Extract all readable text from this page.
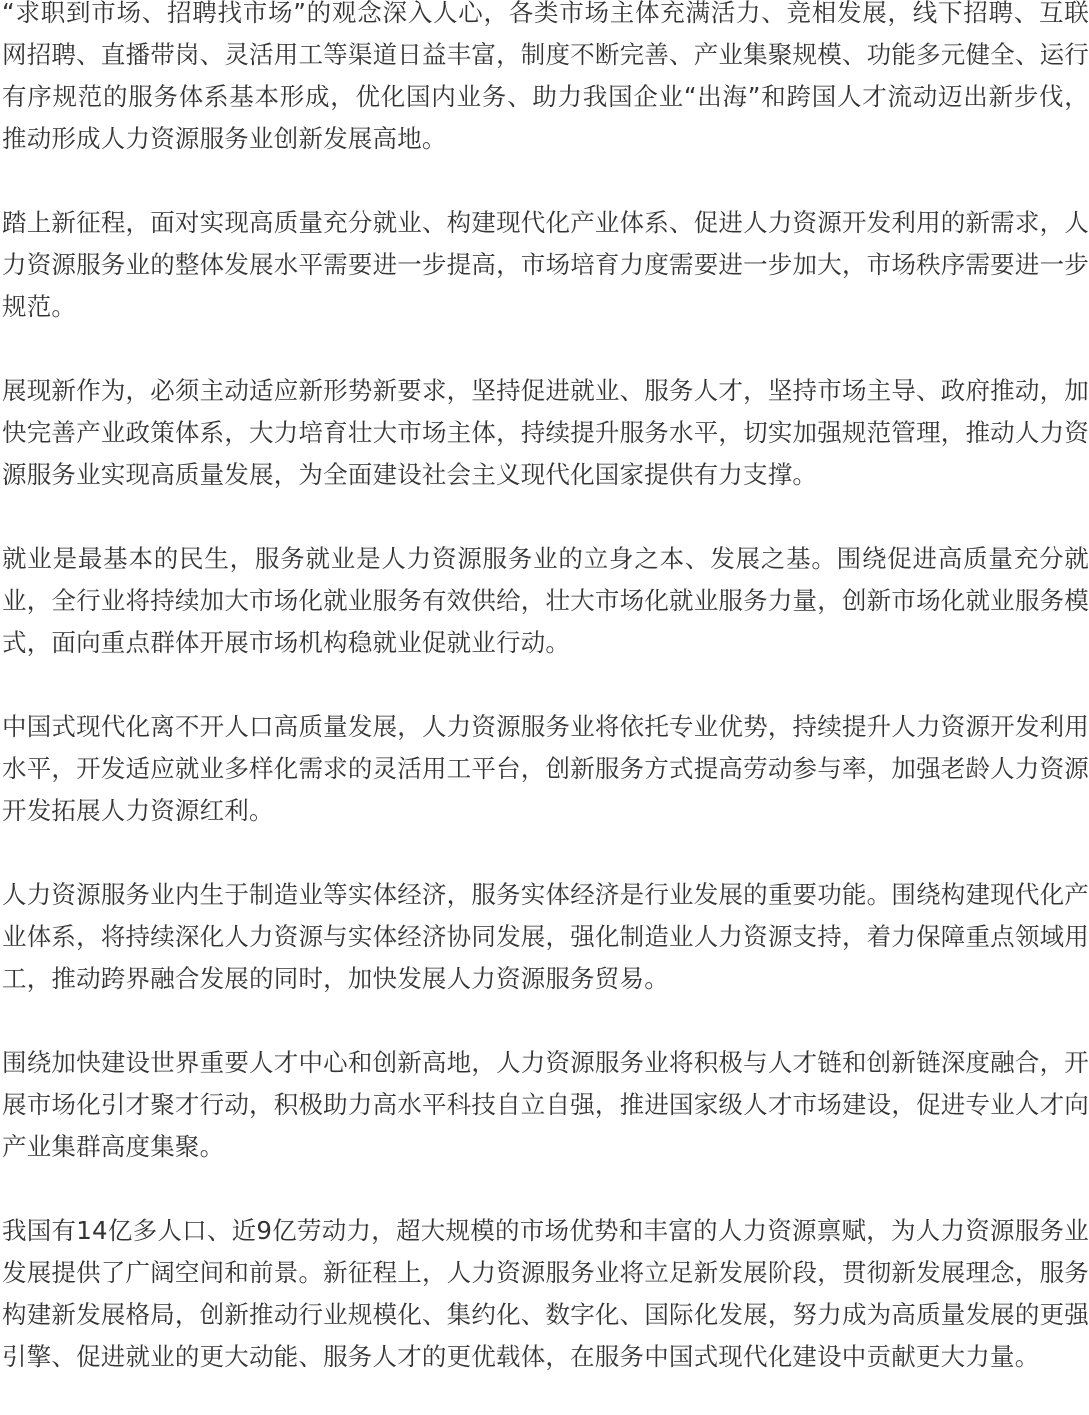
“求职到市场、招聘找市场”的观念深入人心，各类市场主体充满活力、竞相发展，线下招聘、互联网招聘、直播带岗、灵活用工等渠道日益丰富，制度不断完善、产业集聚规模、功能多元健全、运行有序规范的服务体系基本形成，优化国内业务、助力我国企业“出海”和跨国人才流动迈出新步伐，推动形成人力资源服务业创新发展高地。

踏上新征程，面对实现高质量充分就业、构建现代化产业体系、促进人力资源开发利用的新需求，人力资源服务业的整体发展水平需要进一步提高，市场培育力度需要进一步加大，市场秩序需要进一步规范。

展现新作为，必须主动适应新形势新要求，坚持促进就业、服务人才，坚持市场主导、政府推动，加快完善产业政策体系，大力培育壮大市场主体，持续提升服务水平，切实加强规范管理，推动人力资源服务业实现高质量发展，为全面建设社会主义现代化国家提供有力支撑。

就业是最基本的民生，服务就业是人力资源服务业的立身之本、发展之基。围绕促进高质量充分就业，全行业将持续加大市场化就业服务有效供给，壮大市场化就业服务力量，创新市场化就业服务模式，面向重点群体开展市场机构稳就业促就业行动。

中国式现代化离不开人口高质量发展，人力资源服务业将依托专业优势，持续提升人力资源开发利用水平，开发适应就业多样化需求的灵活用工平台，创新服务方式提高劳动参与率，加强老龄人力资源开发拓展人力资源红利。

人力资源服务业内生于制造业等实体经济，服务实体经济是行业发展的重要功能。围绕构建现代化产业体系，将持续深化人力资源与实体经济协同发展，强化制造业人力资源支持，着力保障重点领域用工，推动跨界融合发展的同时，加快发展人力资源服务贸易。

围绕加快建设世界重要人才中心和创新高地，人力资源服务业将积极与人才链和创新链深度融合，开展市场化引才聚才行动，积极助力高水平科技自立自强，推进国家级人才市场建设，促进专业人才向产业集群高度集聚。

我国有14亿多人口、近9亿劳动力，超大规模的市场优势和丰富的人力资源禀赋，为人力资源服务业发展提供了广阔空间和前景。新征程上，人力资源服务业将立足新发展阶段，贯彻新发展理念，服务构建新发展格局，创新推动行业规模化、集约化、数字化、国际化发展，努力成为高质量发展的更强引擎、促进就业的更大动能、服务人才的更优载体，在服务中国式现代化建设中贡献更大力量。
